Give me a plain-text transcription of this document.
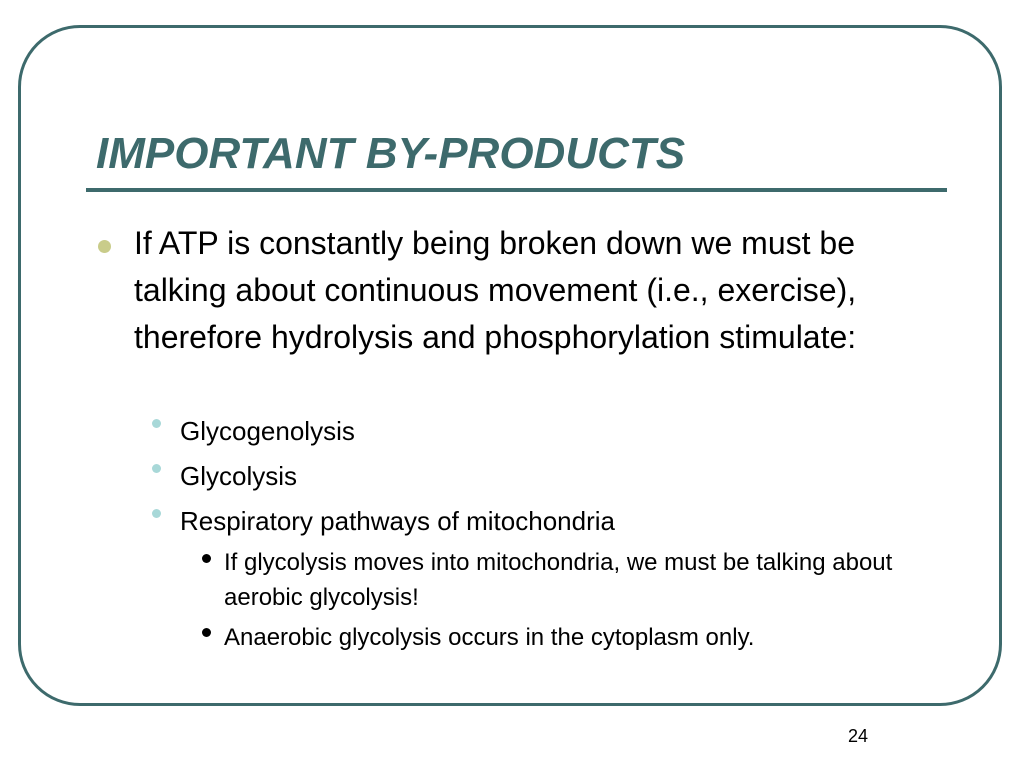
IMPORTANT BY-PRODUCTS
If ATP is constantly being broken down we must be talking about continuous movement (i.e., exercise), therefore hydrolysis and phosphorylation stimulate:
Glycogenolysis
Glycolysis
Respiratory pathways of mitochondria
If glycolysis moves into mitochondria, we must be talking about aerobic glycolysis!
Anaerobic glycolysis occurs in the cytoplasm only.
24
